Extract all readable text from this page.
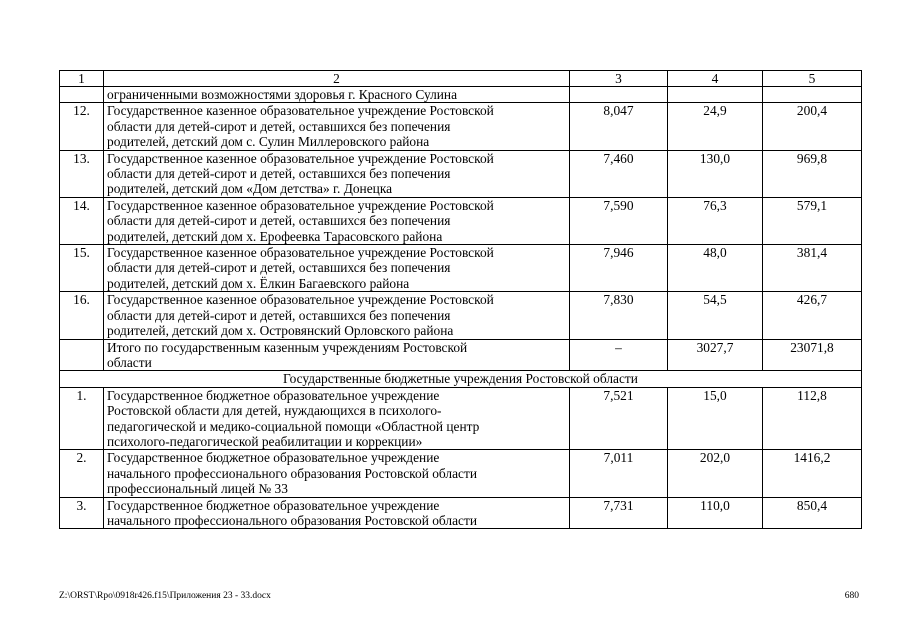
1	2	3	4	5
	ограниченными возможностями здоровья г. Красного Сулина			
12.	Государственное казенное образовательное учреждение Ростовской
области для детей-сирот и детей, оставшихся без попечения
родителей, детский дом с. Сулин Миллеровского района	8,047	24,9	200,4
13.	Государственное казенное образовательное учреждение Ростовской
области для детей-сирот и детей, оставшихся без попечения
родителей, детский дом «Дом детства» г. Донецка	7,460	130,0	969,8
14.	Государственное казенное образовательное учреждение Ростовской
области для детей-сирот и детей, оставшихся без попечения
родителей, детский дом х. Ерофеевка Тарасовского района	7,590	76,3	579,1
15.	Государственное казенное образовательное учреждение Ростовской
области для детей-сирот и детей, оставшихся без попечения
родителей, детский дом х. Ёлкин Багаевского района	7,946	48,0	381,4
16.	Государственное казенное образовательное учреждение Ростовской
области для детей-сирот и детей, оставшихся без попечения
родителей, детский дом х. Островянский Орловского района	7,830	54,5	426,7

	Итого по государственным казенным учреждениям Ростовской
области	–	3027,7	23071,8
Государственные бюджетные учреждения Ростовской области				
1.	Государственное бюджетное образовательное учреждение
Ростовской области для детей, нуждающихся в психолого-
педагогической и медико-социальной помощи «Областной центр
психолого-педагогической реабилитации и коррекции»	7,521	15,0	112,8
2.	Государственное бюджетное образовательное учреждение
начального профессионального образования Ростовской области
профессиональный лицей № 33	7,011	202,0	1416,2
3.	Государственное бюджетное образовательное учреждение
начального профессионального образования Ростовской области	7,731	110,0	850,4
Z:\ORST\Rpo\0918r426.f15\Приложения 23 - 33.docx	680
